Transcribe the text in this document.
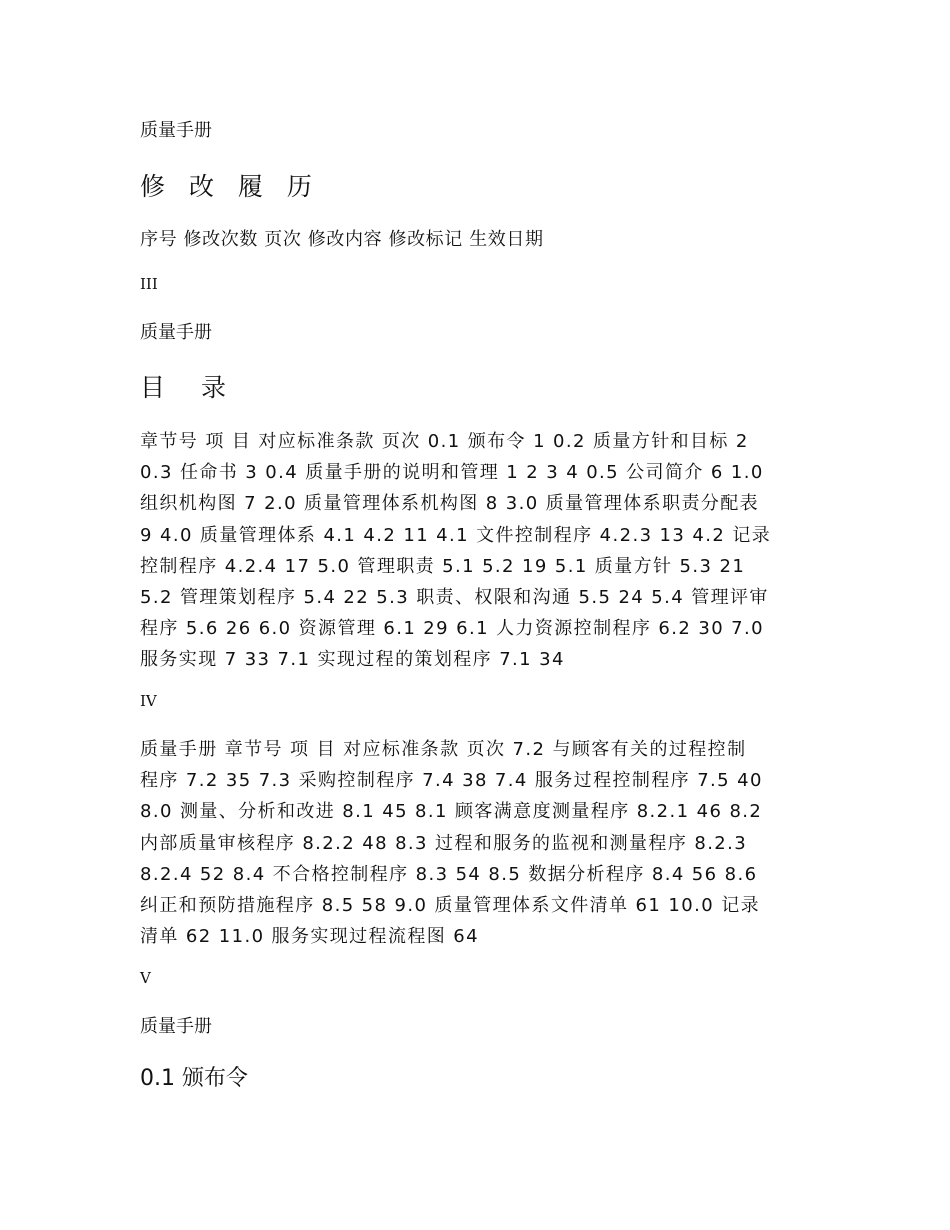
质量手册

修 改 履 历

序号 修改次数 页次 修改内容 修改标记 生效日期

III

质量手册

目 录

章节号 项 目 对应标准条款 页次 0.1 颁布令 1 0.2 质量方针和目标 2
0.3 任命书 3 0.4 质量手册的说明和管理 1 2 3 4 0.5 公司简介 6 1.0
组织机构图 7 2.0 质量管理体系机构图 8 3.0 质量管理体系职责分配表
9 4.0 质量管理体系 4.1 4.2 11 4.1 文件控制程序 4.2.3 13 4.2 记录
控制程序 4.2.4 17 5.0 管理职责 5.1 5.2 19 5.1 质量方针 5.3 21
5.2 管理策划程序 5.4 22 5.3 职责、权限和沟通 5.5 24 5.4 管理评审
程序 5.6 26 6.0 资源管理 6.1 29 6.1 人力资源控制程序 6.2 30 7.0
服务实现 7 33 7.1 实现过程的策划程序 7.1 34

IV

质量手册 章节号 项 目 对应标准条款 页次 7.2 与顾客有关的过程控制
程序 7.2 35 7.3 采购控制程序 7.4 38 7.4 服务过程控制程序 7.5 40
8.0 测量、分析和改进 8.1 45 8.1 顾客满意度测量程序 8.2.1 46 8.2
内部质量审核程序 8.2.2 48 8.3 过程和服务的监视和测量程序 8.2.3
8.2.4 52 8.4 不合格控制程序 8.3 54 8.5 数据分析程序 8.4 56 8.6
纠正和预防措施程序 8.5 58 9.0 质量管理体系文件清单 61 10.0 记录
清单 62 11.0 服务实现过程流程图 64

V

质量手册

0.1 颁布令
